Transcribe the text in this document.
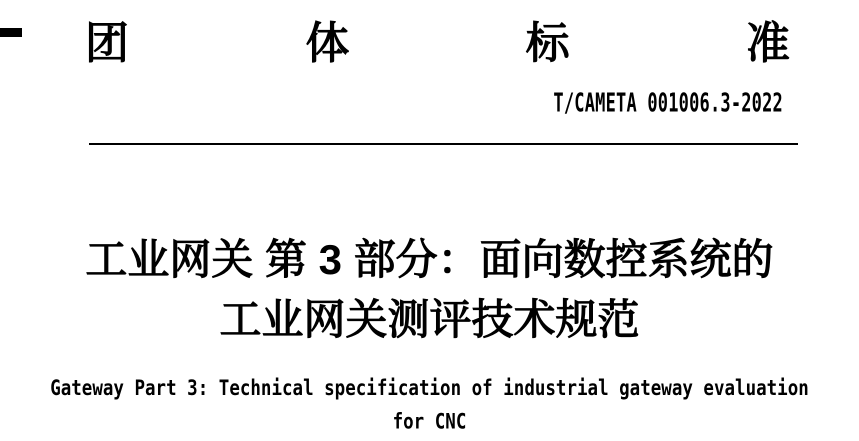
团	体	标	准
T/CAMETA 001006.3-2022
工业网关 第 3 部分：面向数控系统的
工业网关测评技术规范
Gateway Part 3: Technical specification of industrial gateway evaluation
for CNC
